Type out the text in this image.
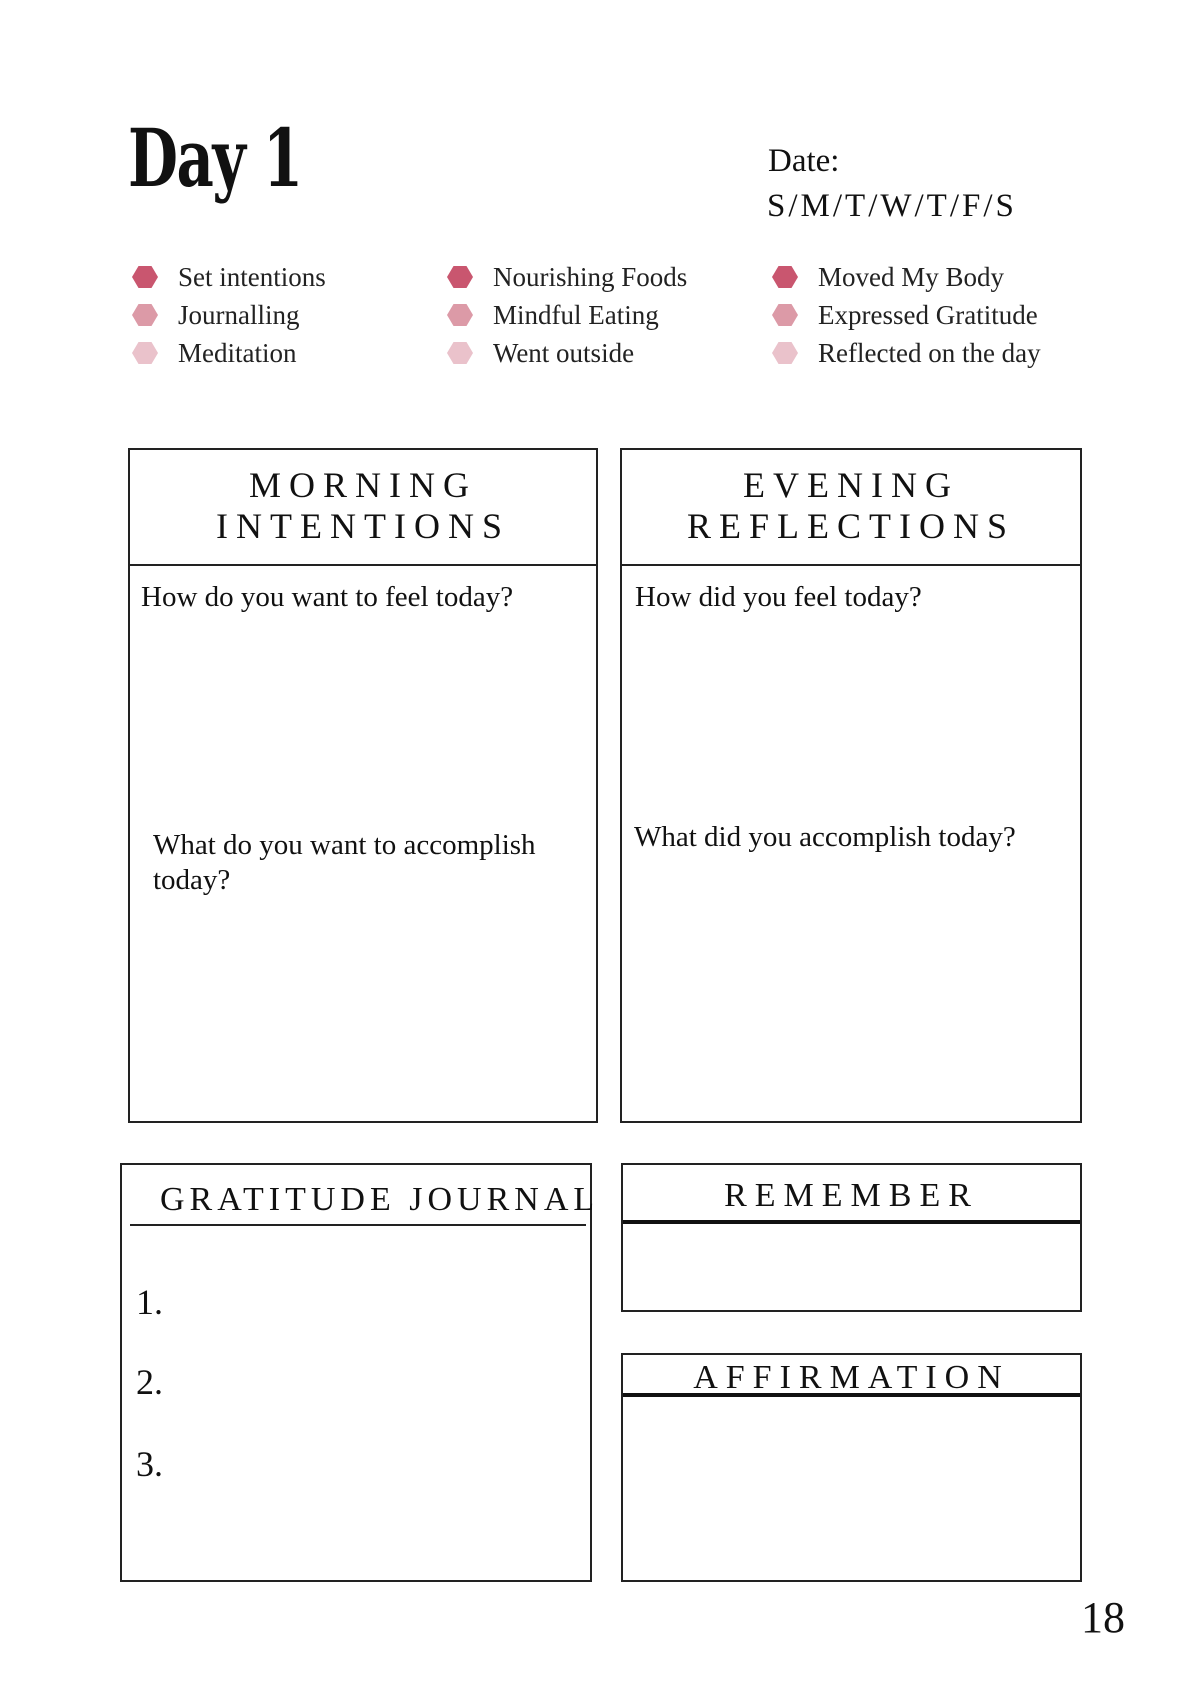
Day 1	Date:
S/M/T/W/T/F/S
Set intentions
Journalling
Meditation
Nourishing Foods
Mindful Eating
Went outside
Moved My Body
Expressed Gratitude
Reflected on the day
MORNING
INTENTIONS
How do you want to feel today?
What do you want to accomplish today?
EVENING
REFLECTIONS
How did you feel today?
What did you accomplish today?
GRATITUDE JOURNAL
1.
2.
3.
REMEMBER
AFFIRMATION
18
